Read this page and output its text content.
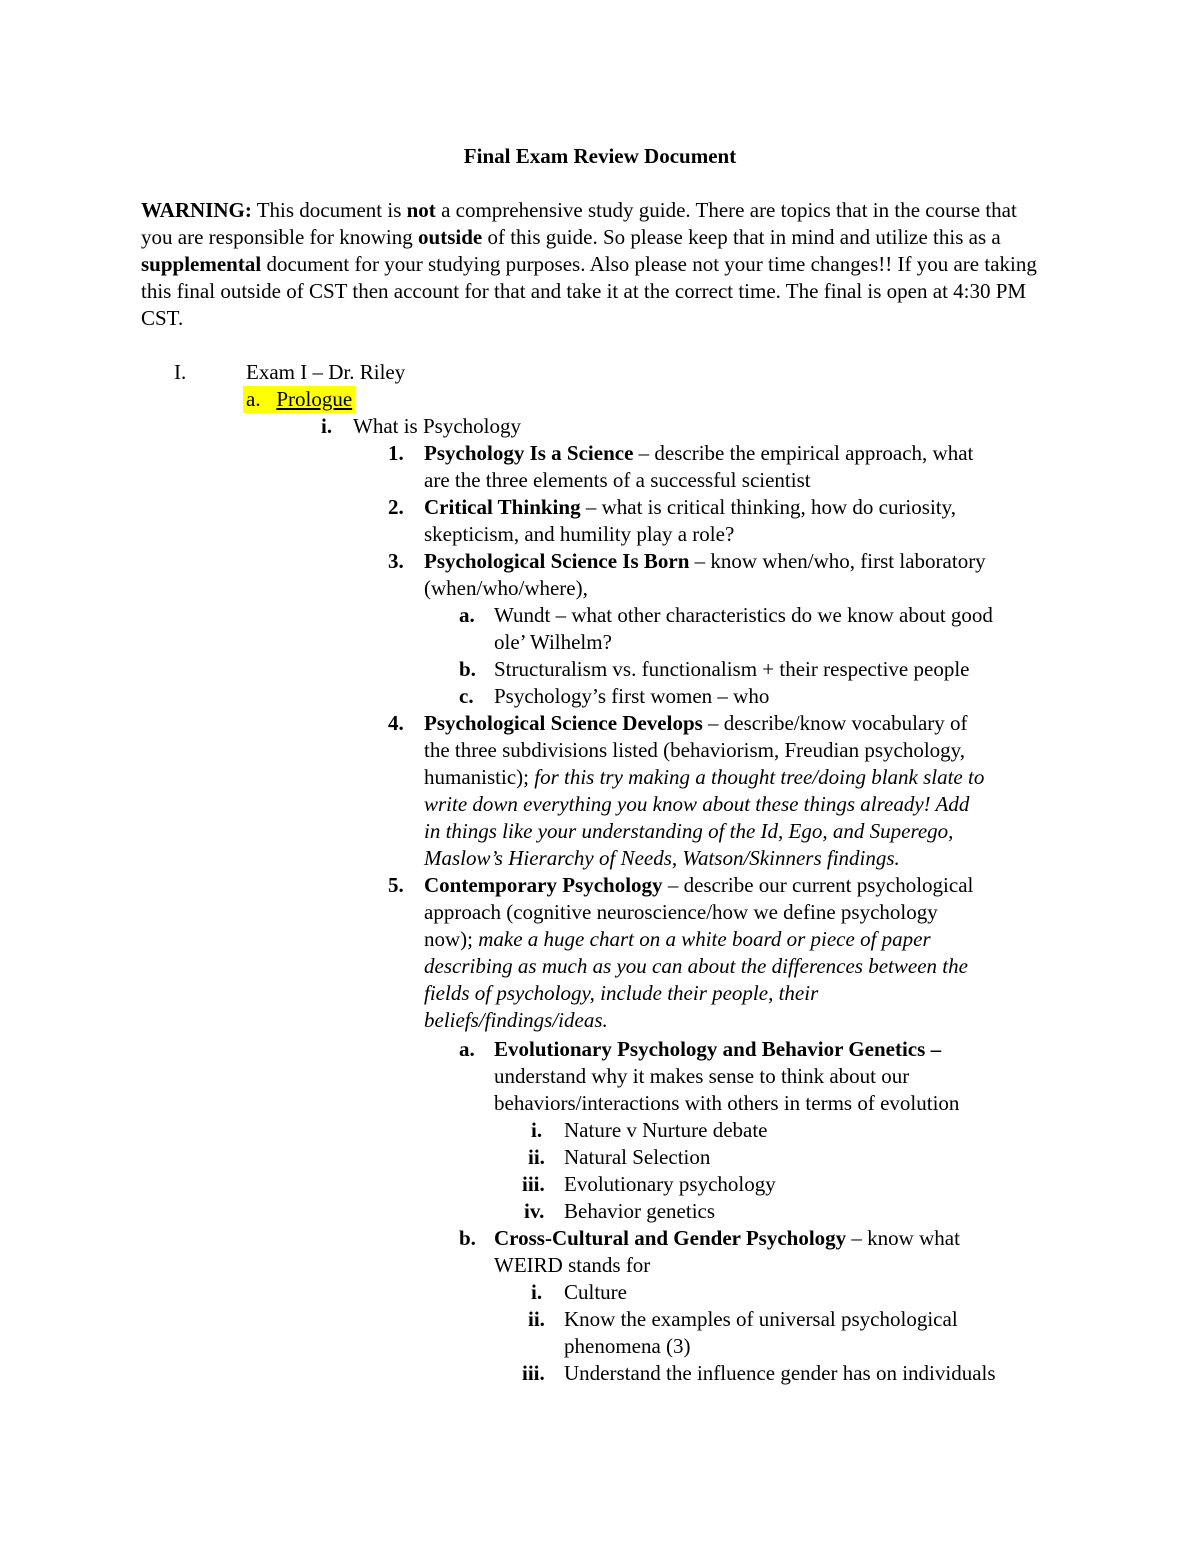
Final Exam Review Document

WARNING: This document is not a comprehensive study guide. There are topics that in the course that you are responsible for knowing outside of this guide. So please keep that in mind and utilize this as a supplemental document for your studying purposes. Also please not your time changes!! If you are taking this final outside of CST then account for that and take it at the correct time. The final is open at 4:30 PM CST.

I.	Exam I – Dr. Riley
a. Prologue
i. What is Psychology
1. Psychology Is a Science – describe the empirical approach, what
are the three elements of a successful scientist
2. Critical Thinking – what is critical thinking, how do curiosity,
skepticism, and humility play a role?
3. Psychological Science Is Born – know when/who, first laboratory
(when/who/where),
a. Wundt – what other characteristics do we know about good
ole’ Wilhelm?
b. Structuralism vs. functionalism + their respective people
c. Psychology’s first women – who
4. Psychological Science Develops – describe/know vocabulary of
the three subdivisions listed (behaviorism, Freudian psychology,
humanistic); for this try making a thought tree/doing blank slate to
write down everything you know about these things already! Add
in things like your understanding of the Id, Ego, and Superego,
Maslow’s Hierarchy of Needs, Watson/Skinners findings.
5. Contemporary Psychology – describe our current psychological
approach (cognitive neuroscience/how we define psychology
now); make a huge chart on a white board or piece of paper
describing as much as you can about the differences between the
fields of psychology, include their people, their
beliefs/findings/ideas.
a. Evolutionary Psychology and Behavior Genetics –
understand why it makes sense to think about our
behaviors/interactions with others in terms of evolution
i. Nature v Nurture debate
ii. Natural Selection
iii. Evolutionary psychology
iv. Behavior genetics
b. Cross-Cultural and Gender Psychology – know what
WEIRD stands for
i. Culture
ii. Know the examples of universal psychological
phenomena (3)
iii. Understand the influence gender has on individuals
